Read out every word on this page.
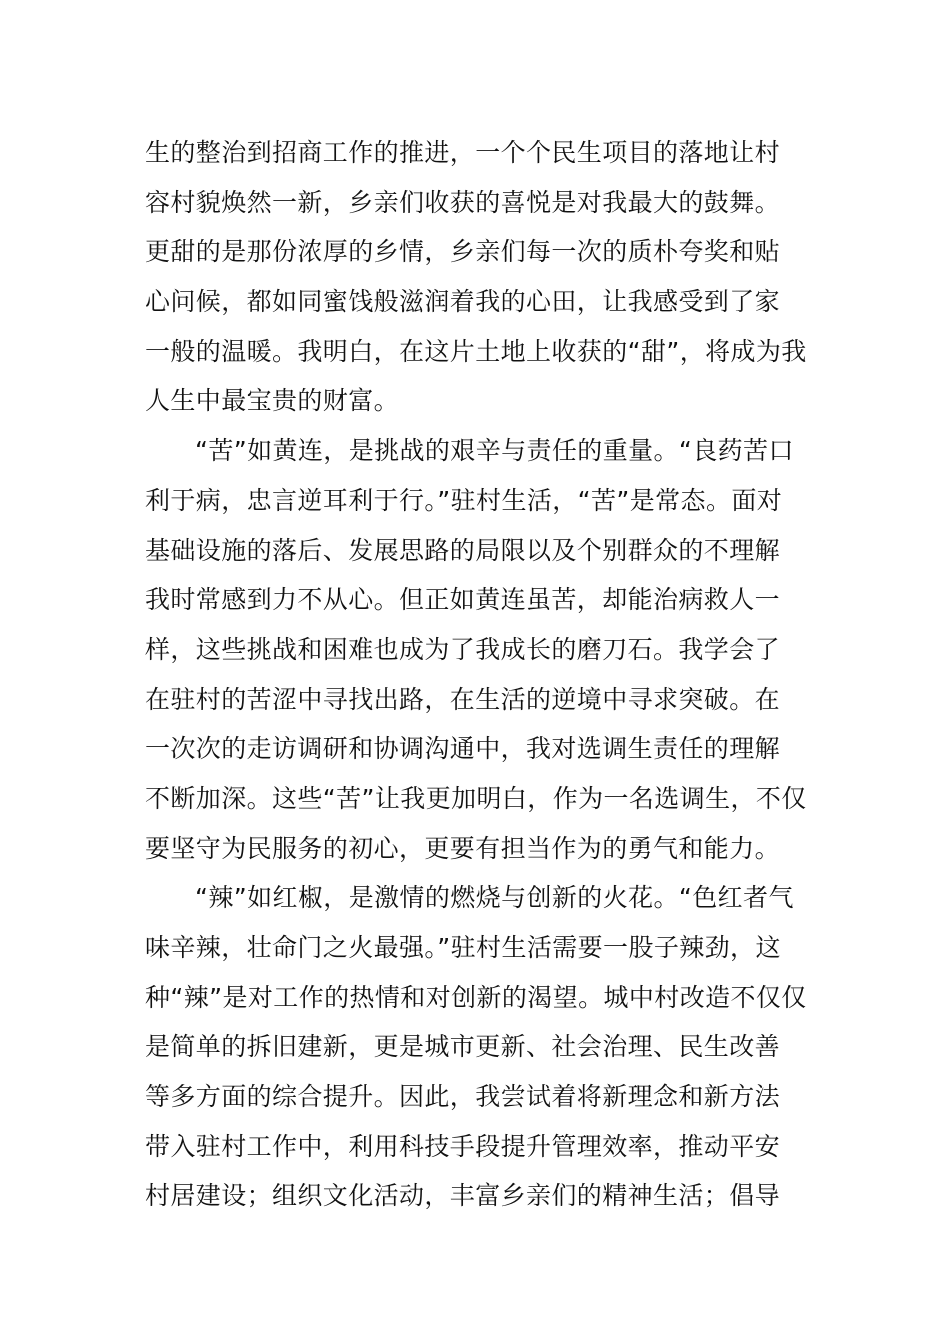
生的整治到招商工作的推进，一个个民生项目的落地让村
容村貌焕然一新，乡亲们收获的喜悦是对我最大的鼓舞。
更甜的是那份浓厚的乡情，乡亲们每一次的质朴夸奖和贴
心问候，都如同蜜饯般滋润着我的心田，让我感受到了家
一般的温暖。我明白，在这片土地上收获的“甜”，将成为我
人生中最宝贵的财富。
“苦”如黄连，是挑战的艰辛与责任的重量。“良药苦口
利于病，忠言逆耳利于行。”驻村生活，“苦”是常态。面对
基础设施的落后、发展思路的局限以及个别群众的不理解
我时常感到力不从心。但正如黄连虽苦，却能治病救人一
样，这些挑战和困难也成为了我成长的磨刀石。我学会了
在驻村的苦涩中寻找出路，在生活的逆境中寻求突破。在
一次次的走访调研和协调沟通中，我对选调生责任的理解
不断加深。这些“苦”让我更加明白，作为一名选调生，不仅
要坚守为民服务的初心，更要有担当作为的勇气和能力。
“辣”如红椒，是激情的燃烧与创新的火花。“色红者气
味辛辣，壮命门之火最强。”驻村生活需要一股子辣劲，这
种“辣”是对工作的热情和对创新的渴望。城中村改造不仅仅
是简单的拆旧建新，更是城市更新、社会治理、民生改善
等多方面的综合提升。因此，我尝试着将新理念和新方法
带入驻村工作中，利用科技手段提升管理效率，推动平安
村居建设；组织文化活动，丰富乡亲们的精神生活；倡导
